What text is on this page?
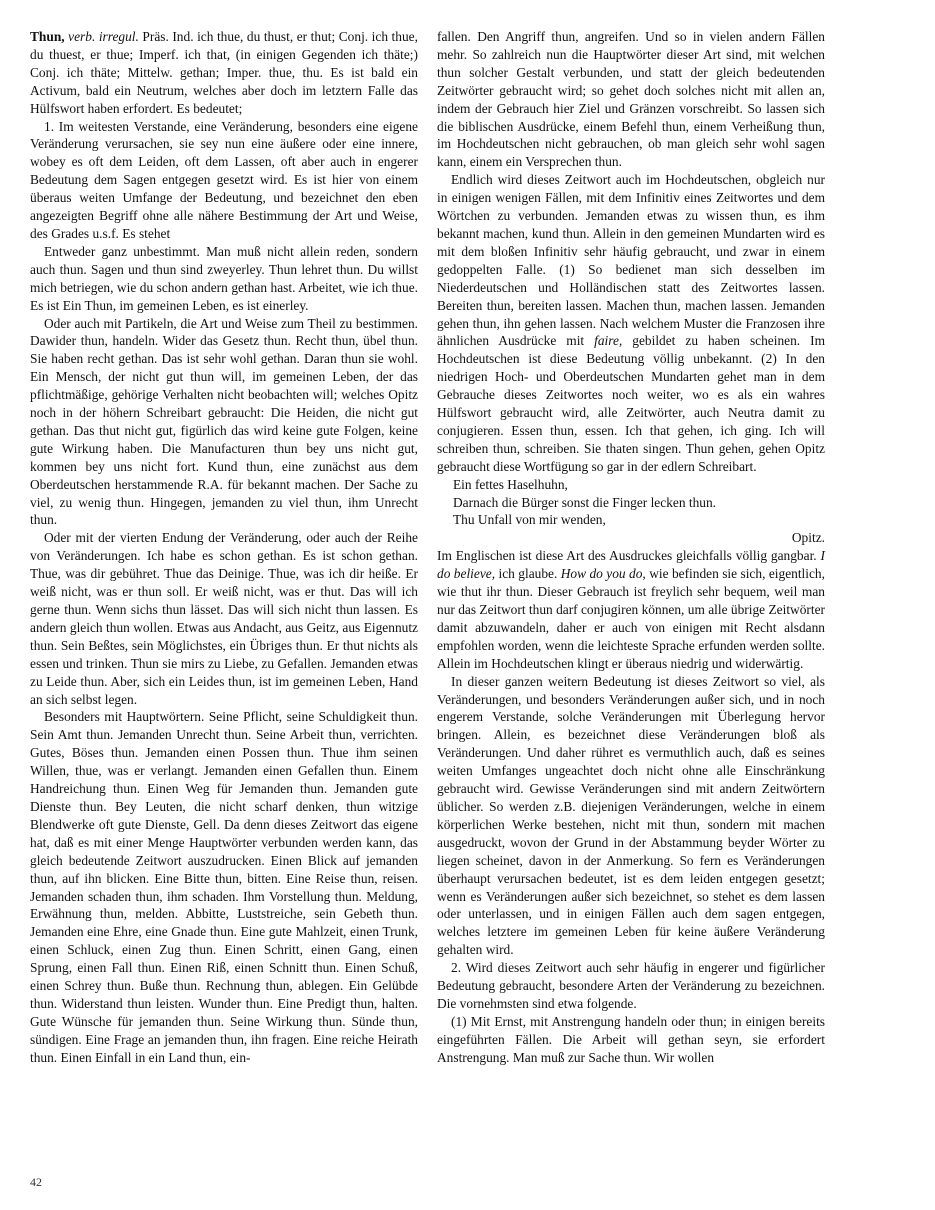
Thun, verb. irregul. Präs. Ind. ich thue, du thust, er thut; Conj. ich thue, du thuest, er thue; Imperf. ich that, (in einigen Gegenden ich thäte;) Conj. ich thäte; Mittelw. gethan; Imper. thue, thu. Es ist bald ein Activum, bald ein Neutrum, welches aber doch im letztern Falle das Hülfswort haben erfordert. Es bedeutet;

1. Im weitesten Verstande, eine Veränderung, besonders eine eigene Veränderung verursachen, sie sey nun eine äußere oder eine innere, wobey es oft dem Leiden, oft dem Lassen, oft aber auch in engerer Bedeutung dem Sagen entgegen gesetzt wird. Es ist hier von einem überaus weiten Umfange der Bedeutung, und bezeichnet den eben angezeigten Begriff ohne alle nähere Bestimmung der Art und Weise, des Grades u.s.f. Es stehet

Entweder ganz unbestimmt. Man muß nicht allein reden, sondern auch thun. Sagen und thun sind zweyerley. Thun lehret thun. Du willst mich betriegen, wie du schon andern gethan hast. Arbeitet, wie ich thue. Es ist Ein Thun, im gemeinen Leben, es ist einerley.

Oder auch mit Partikeln, die Art und Weise zum Theil zu bestimmen. Dawider thun, handeln. Wider das Gesetz thun. Recht thun, übel thun. Sie haben recht gethan. Das ist sehr wohl gethan. Daran thun sie wohl. Ein Mensch, der nicht gut thun will, im gemeinen Leben, der das pflichtmäßige, gehörige Verhalten nicht beobachten will; welches Opitz noch in der höhern Schreibart gebraucht: Die Heiden, die nicht gut gethan. Das thut nicht gut, figürlich das wird keine gute Folgen, keine gute Wirkung haben. Die Manufacturen thun bey uns nicht gut, kommen bey uns nicht fort. Kund thun, eine zunächst aus dem Oberdeutschen herstammende R.A. für bekannt machen. Der Sache zu viel, zu wenig thun. Hingegen, jemanden zu viel thun, ihm Unrecht thun.

Oder mit der vierten Endung der Veränderung, oder auch der Reihe von Veränderungen. Ich habe es schon gethan. Es ist schon gethan. Thue, was dir gebühret. Thue das Deinige. Thue, was ich dir heiße. Er weiß nicht, was er thun soll. Er weiß nicht, was er thut. Das will ich gerne thun. Wenn sichs thun lässet. Das will sich nicht thun lassen. Es andern gleich thun wollen. Etwas aus Andacht, aus Geitz, aus Eigennutz thun. Sein Beßtes, sein Möglichstes, ein Übriges thun. Er thut nichts als essen und trinken. Thun sie mirs zu Liebe, zu Gefallen. Jemanden etwas zu Leide thun. Aber, sich ein Leides thun, ist im gemeinen Leben, Hand an sich selbst legen.

Besonders mit Hauptwörtern. Seine Pflicht, seine Schuldigkeit thun. Sein Amt thun. Jemanden Unrecht thun. Seine Arbeit thun, verrichten. Gutes, Böses thun. Jemanden einen Possen thun. Thue ihm seinen Willen, thue, was er verlangt. Jemanden einen Gefallen thun. Einem Handreichung thun. Einen Weg für Jemanden thun. Jemanden gute Dienste thun. Bey Leuten, die nicht scharf denken, thun witzige Blendwerke oft gute Dienste, Gell. Da denn dieses Zeitwort das eigene hat, daß es mit einer Menge Hauptwörter verbunden werden kann, das gleich bedeutende Zeitwort auszudrucken. Einen Blick auf jemanden thun, auf ihn blicken. Eine Bitte thun, bitten. Eine Reise thun, reisen. Jemanden schaden thun, ihm schaden. Ihm Vorstellung thun. Meldung, Erwähnung thun, melden. Abbitte, Luststreiche, sein Gebeth thun. Jemanden eine Ehre, eine Gnade thun. Eine gute Mahlzeit, einen Trunk, einen Schluck, einen Zug thun. Einen Schritt, einen Gang, einen Sprung, einen Fall thun. Einen Riß, einen Schnitt thun. Einen Schuß, einen Schrey thun. Buße thun. Rechnung thun, ablegen. Ein Gelübde thun. Widerstand thun leisten. Wunder thun. Eine Predigt thun, halten. Gute Wünsche für jemanden thun. Seine Wirkung thun. Sünde thun, sündigen. Eine Frage an jemanden thun, ihn fragen. Eine reiche Heirath thun. Einen Einfall in ein Land thun, ein-

fallen. Den Angriff thun, angreifen. Und so in vielen andern Fällen mehr. So zahlreich nun die Hauptwörter dieser Art sind, mit welchen thun solcher Gestalt verbunden, und statt der gleich bedeutenden Zeitwörter gebraucht wird; so gehet doch solches nicht mit allen an, indem der Gebrauch hier Ziel und Gränzen vorschreibt. So lassen sich die biblischen Ausdrücke, einem Befehl thun, einem Verheißung thun, im Hochdeutschen nicht gebrauchen, ob man gleich sehr wohl sagen kann, einem ein Versprechen thun.

Endlich wird dieses Zeitwort auch im Hochdeutschen, obgleich nur in einigen wenigen Fällen, mit dem Infinitiv eines Zeitwortes und dem Wörtchen zu verbunden. Jemanden etwas zu wissen thun, es ihm bekannt machen, kund thun. Allein in den gemeinen Mundarten wird es mit dem bloßen Infinitiv sehr häufig gebraucht, und zwar in einem gedoppelten Falle. (1) So bedienet man sich desselben im Niederdeutschen und Holländischen statt des Zeitwortes lassen. Bereiten thun, bereiten lassen. Machen thun, machen lassen. Jemanden gehen thun, ihn gehen lassen. Nach welchem Muster die Franzosen ihre ähnlichen Ausdrücke mit faire, gebildet zu haben scheinen. Im Hochdeutschen ist diese Bedeutung völlig unbekannt. (2) In den niedrigen Hoch- und Oberdeutschen Mundarten gehet man in dem Gebrauche dieses Zeitwortes noch weiter, wo es als ein wahres Hülfswort gebraucht wird, alle Zeitwörter, auch Neutra damit zu conjugieren. Essen thun, essen. Ich that gehen, ich ging. Ich will schreiben thun, schreiben. Sie thaten singen. Thun gehen, gehen Opitz gebraucht diese Wortfügung so gar in der edlern Schreibart.

Ein fettes Haselhuhn,

Darnach die Bürger sonst die Finger lecken thun.

Thu Unfall von mir wenden,

Opitz.

Im Englischen ist diese Art des Ausdruckes gleichfalls völlig gangbar. I do believe, ich glaube. How do you do, wie befinden sie sich, eigentlich, wie thut ihr thun. Dieser Gebrauch ist freylich sehr bequem, weil man nur das Zeitwort thun darf conjugiren können, um alle übrige Zeitwörter damit abzuwandeln, daher er auch von einigen mit Recht alsdann empfohlen worden, wenn die leichteste Sprache erfunden werden sollte. Allein im Hochdeutschen klingt er überaus niedrig und widerwärtig.

In dieser ganzen weitern Bedeutung ist dieses Zeitwort so viel, als Veränderungen, und besonders Veränderungen außer sich, und in noch engerem Verstande, solche Veränderungen mit Überlegung hervor bringen. Allein, es bezeichnet diese Veränderungen bloß als Veränderungen. Und daher rühret es vermuthlich auch, daß es seines weiten Umfanges ungeachtet doch nicht ohne alle Einschränkung gebraucht wird. Gewisse Veränderungen sind mit andern Zeitwörtern üblicher. So werden z.B. diejenigen Veränderungen, welche in einem körperlichen Werke bestehen, nicht mit thun, sondern mit machen ausgedruckt, wovon der Grund in der Abstammung beyder Wörter zu liegen scheinet, davon in der Anmerkung. So fern es Veränderungen überhaupt verursachen bedeutet, ist es dem leiden entgegen gesetzt; wenn es Veränderungen außer sich bezeichnet, so stehet es dem lassen oder unterlassen, und in einigen Fällen auch dem sagen entgegen, welches letztere im gemeinen Leben für keine äußere Veränderung gehalten wird.

2. Wird dieses Zeitwort auch sehr häufig in engerer und figürlicher Bedeutung gebraucht, besondere Arten der Veränderung zu bezeichnen. Die vornehmsten sind etwa folgende.

(1) Mit Ernst, mit Anstrengung handeln oder thun; in einigen bereits eingeführten Fällen. Die Arbeit will gethan seyn, sie erfordert Anstrengung. Man muß zur Sache thun. Wir wollen

42
